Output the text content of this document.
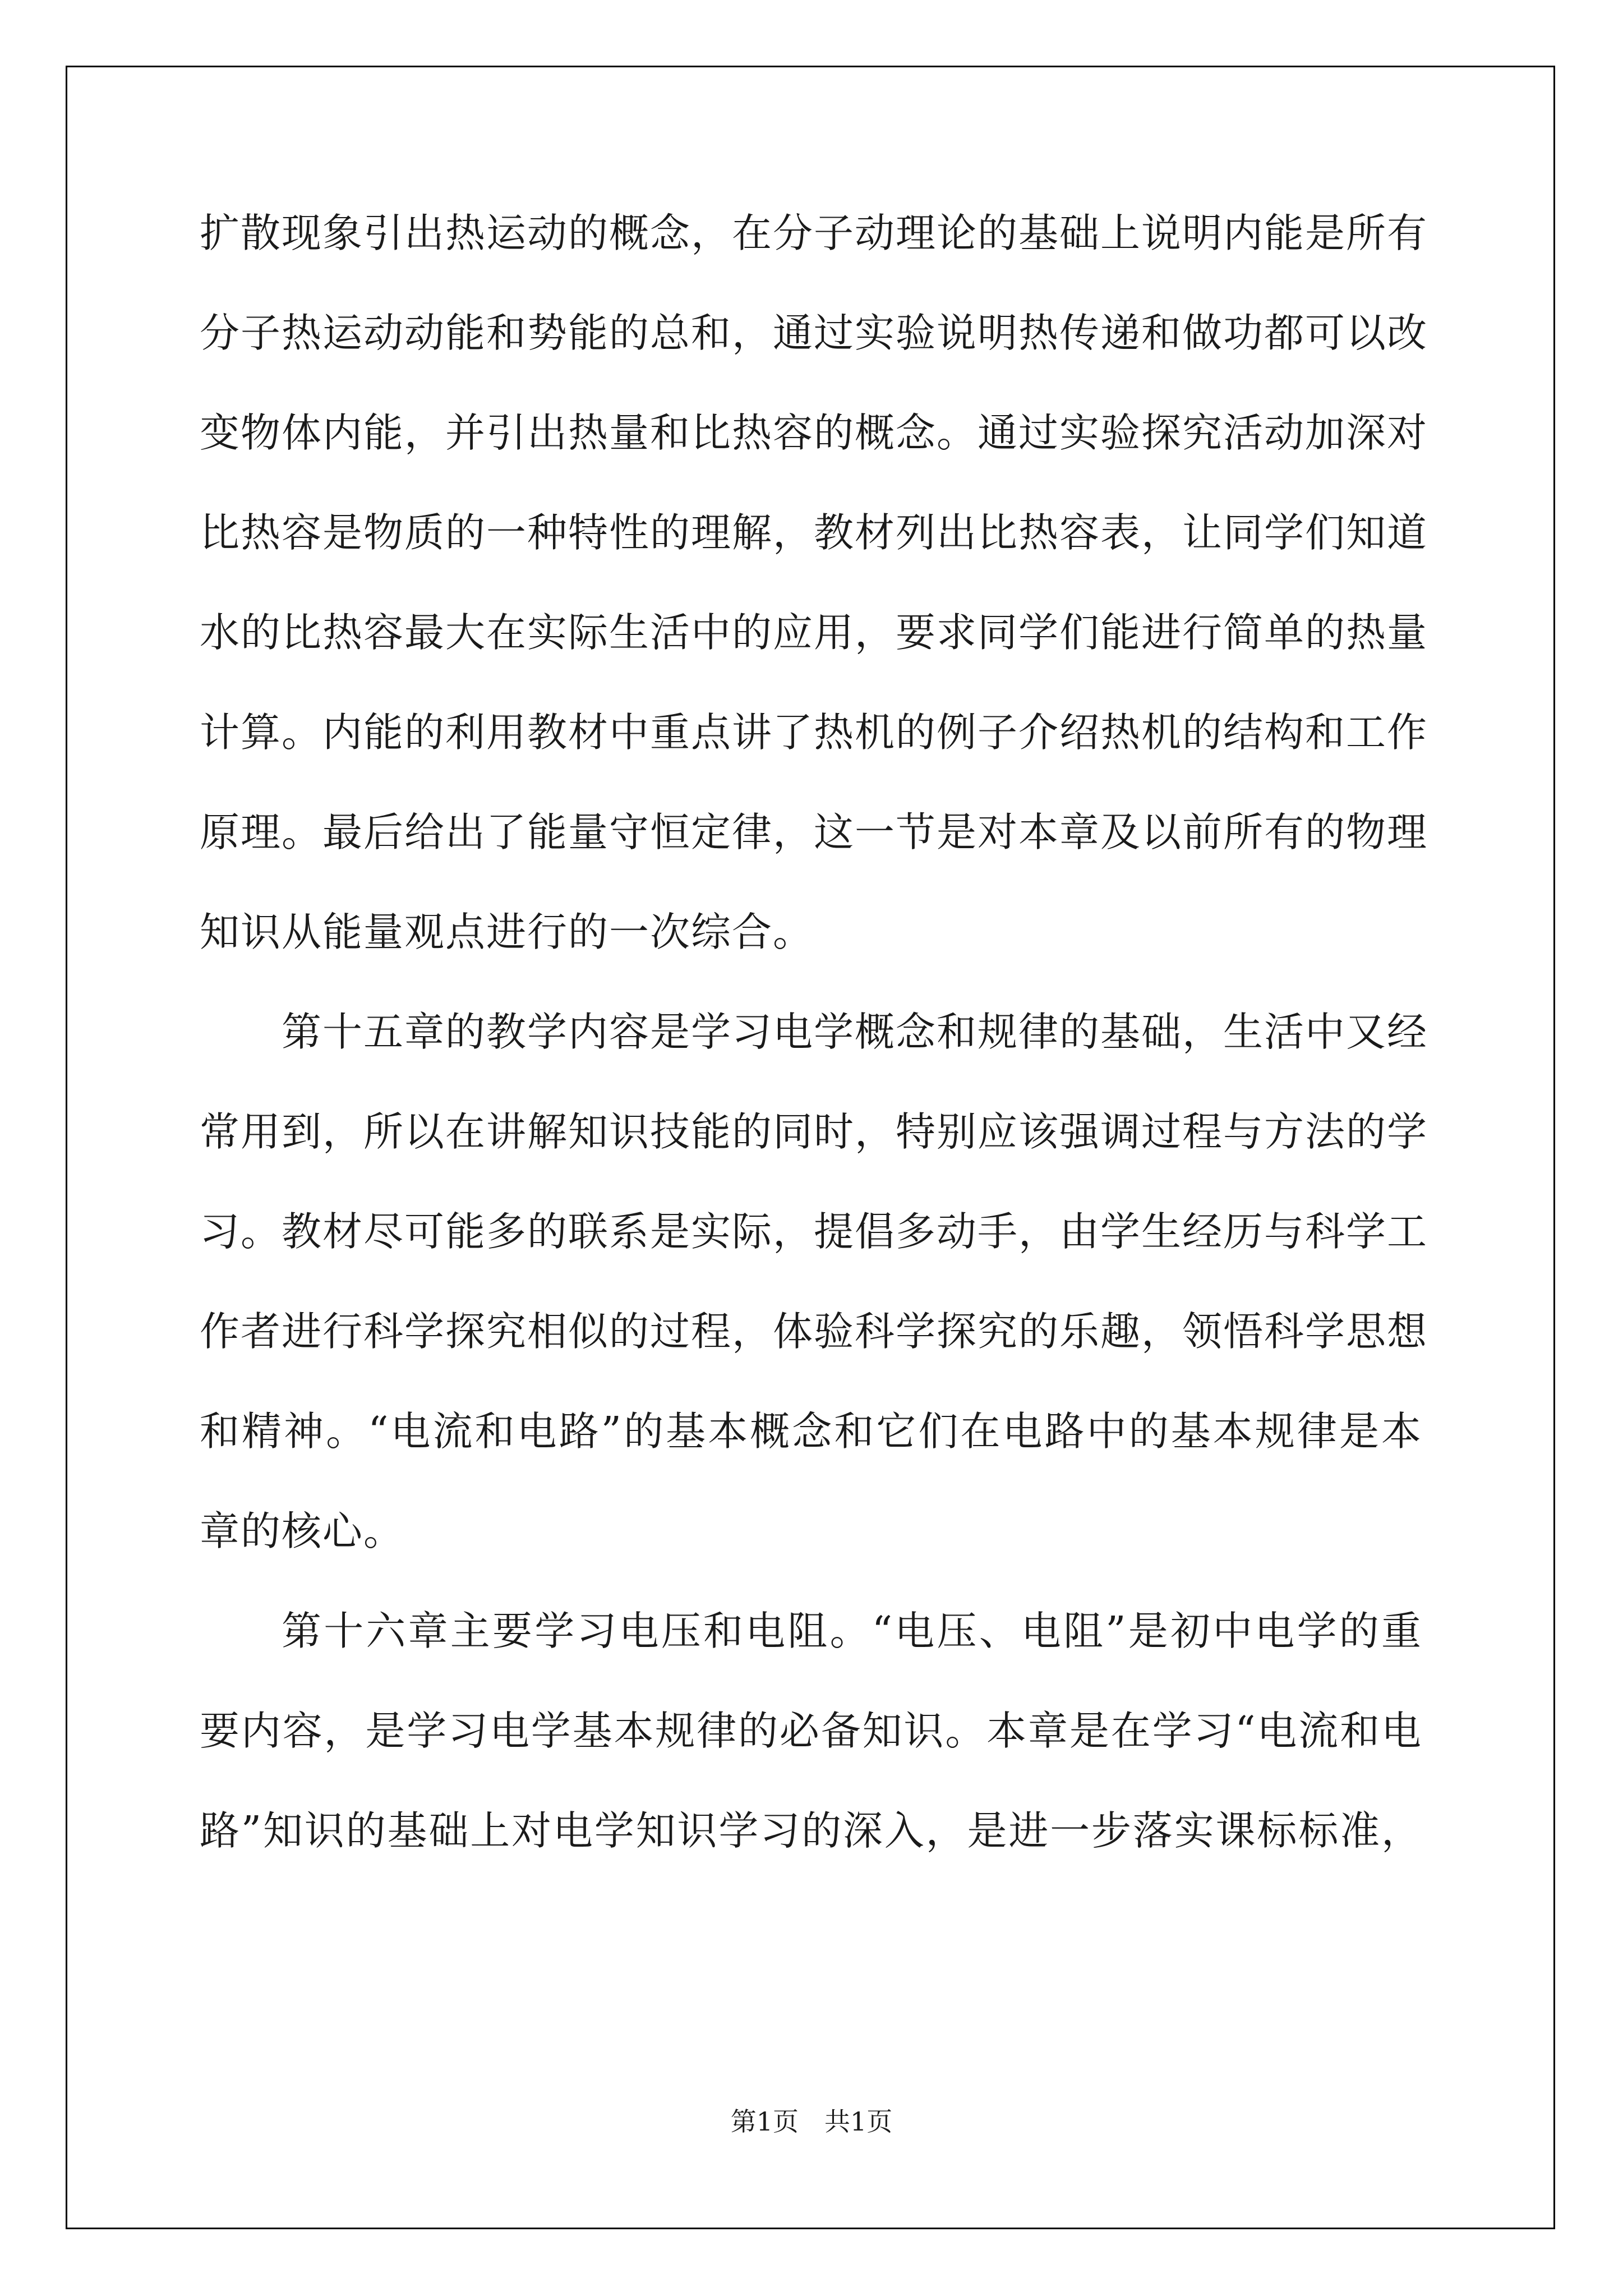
扩散现象引出热运动的概念，在分子动理论的基础上说明内能是所有
分子热运动动能和势能的总和，通过实验说明热传递和做功都可以改
变物体内能，并引出热量和比热容的概念。通过实验探究活动加深对
比热容是物质的一种特性的理解，教材列出比热容表，让同学们知道
水的比热容最大在实际生活中的应用，要求同学们能进行简单的热量
计算。内能的利用教材中重点讲了热机的例子介绍热机的结构和工作
原理。最后给出了能量守恒定律，这一节是对本章及以前所有的物理
知识从能量观点进行的一次综合。
第十五章的教学内容是学习电学概念和规律的基础，生活中又经
常用到，所以在讲解知识技能的同时，特别应该强调过程与方法的学
习。教材尽可能多的联系是实际，提倡多动手，由学生经历与科学工
作者进行科学探究相似的过程，体验科学探究的乐趣，领悟科学思想
和精神。“电流和电路”的基本概念和它们在电路中的基本规律是本
章的核心。
第十六章主要学习电压和电阻。“电压、电阻”是初中电学的重
要内容，是学习电学基本规律的必备知识。本章是在学习“电流和电
路”知识的基础上对电学知识学习的深入，是进一步落实课标标准，
第1页　共1页
